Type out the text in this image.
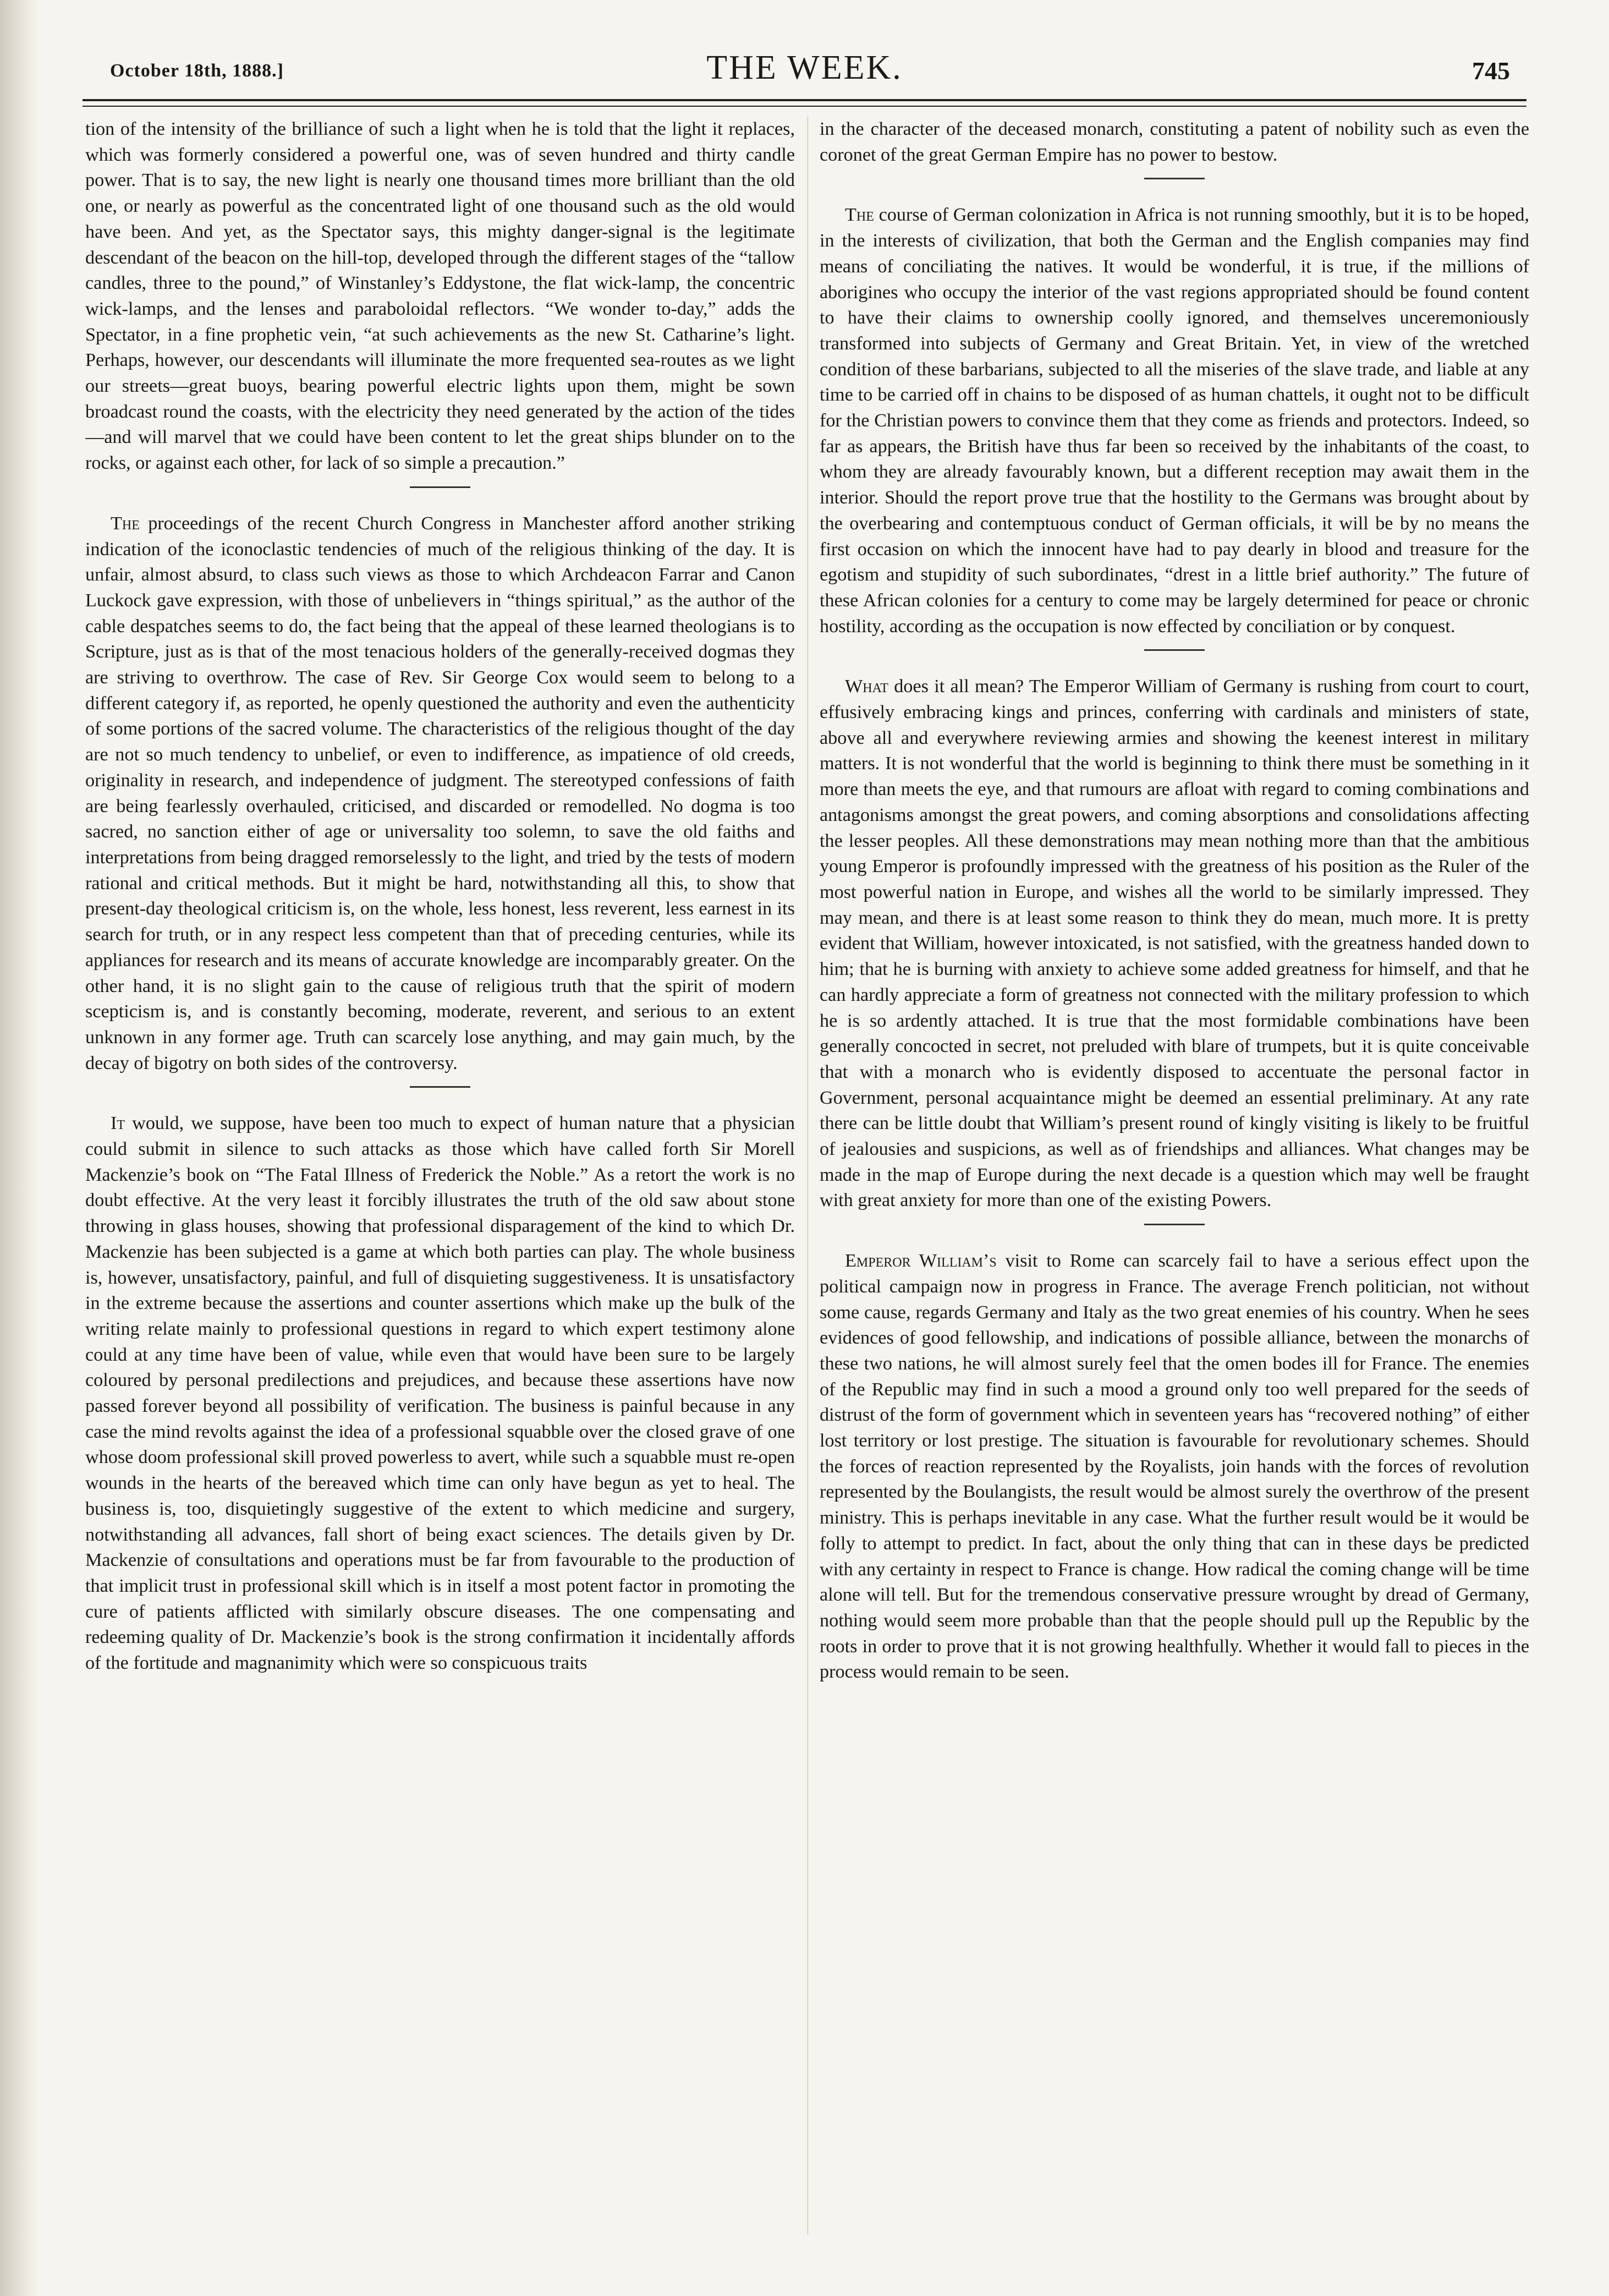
October 18th, 1888.]	THE WEEK.	745

tion of the intensity of the brilliance of such a light when he is told that the light it replaces, which was formerly considered a powerful one, was of seven hundred and thirty candle power. That is to say, the new light is nearly one thousand times more brilliant than the old one, or nearly as powerful as the concentrated light of one thousand such as the old would have been. And yet, as the Spectator says, this mighty danger-signal is the legitimate descendant of the beacon on the hill-top, developed through the different stages of the “tallow candles, three to the pound,” of Winstanley’s Eddystone, the flat wick-lamp, the concentric wick-lamps, and the lenses and paraboloidal reflectors. “We wonder to-day,” adds the Spectator, in a fine prophetic vein, “at such achievements as the new St. Catharine’s light. Perhaps, however, our descendants will illuminate the more frequented sea-routes as we light our streets—great buoys, bearing powerful electric lights upon them, might be sown broadcast round the coasts, with the electricity they need generated by the action of the tides —and will marvel that we could have been content to let the great ships blunder on to the rocks, or against each other, for lack of so simple a precaution.”

The proceedings of the recent Church Congress in Manchester afford another striking indication of the iconoclastic tendencies of much of the religious thinking of the day. It is unfair, almost absurd, to class such views as those to which Archdeacon Farrar and Canon Luckock gave expression, with those of unbelievers in “things spiritual,” as the author of the cable despatches seems to do, the fact being that the appeal of these learned theologians is to Scripture, just as is that of the most tenacious holders of the generally-received dogmas they are striving to overthrow. The case of Rev. Sir George Cox would seem to belong to a different category if, as reported, he openly questioned the authority and even the authenticity of some portions of the sacred volume. The characteristics of the religious thought of the day are not so much tendency to unbelief, or even to indifference, as impatience of old creeds, originality in research, and independence of judgment. The stereotyped confessions of faith are being fearlessly overhauled, criticised, and discarded or remodelled. No dogma is too sacred, no sanction either of age or universality too solemn, to save the old faiths and interpretations from being dragged remorselessly to the light, and tried by the tests of modern rational and critical methods. But it might be hard, notwithstanding all this, to show that present-day theological criticism is, on the whole, less honest, less reverent, less earnest in its search for truth, or in any respect less competent than that of preceding centuries, while its appliances for research and its means of accurate knowledge are incomparably greater. On the other hand, it is no slight gain to the cause of religious truth that the spirit of modern scepticism is, and is constantly becoming, moderate, reverent, and serious to an extent unknown in any former age. Truth can scarcely lose anything, and may gain much, by the decay of bigotry on both sides of the controversy.

It would, we suppose, have been too much to expect of human nature that a physician could submit in silence to such attacks as those which have called forth Sir Morell Mackenzie’s book on “The Fatal Illness of Frederick the Noble.” As a retort the work is no doubt effective. At the very least it forcibly illustrates the truth of the old saw about stone throwing in glass houses, showing that professional disparagement of the kind to which Dr. Mackenzie has been subjected is a game at which both parties can play. The whole business is, however, unsatisfactory, painful, and full of disquieting suggestiveness. It is unsatisfactory in the extreme because the assertions and counter assertions which make up the bulk of the writing relate mainly to professional questions in regard to which expert testimony alone could at any time have been of value, while even that would have been sure to be largely coloured by personal predilections and prejudices, and because these assertions have now passed forever beyond all possibility of verification. The business is painful because in any case the mind revolts against the idea of a professional squabble over the closed grave of one whose doom professional skill proved powerless to avert, while such a squabble must re-open wounds in the hearts of the bereaved which time can only have begun as yet to heal. The business is, too, disquietingly suggestive of the extent to which medicine and surgery, notwithstanding all advances, fall short of being exact sciences. The details given by Dr. Mackenzie of consultations and operations must be far from favourable to the production of that implicit trust in professional skill which is in itself a most potent factor in promoting the cure of patients afflicted with similarly obscure diseases. The one compensating and redeeming quality of Dr. Mackenzie’s book is the strong confirmation it incidentally affords of the fortitude and magnanimity which were so conspicuous traits

in the character of the deceased monarch, constituting a patent of nobility such as even the coronet of the great German Empire has no power to bestow.

The course of German colonization in Africa is not running smoothly, but it is to be hoped, in the interests of civilization, that both the German and the English companies may find means of conciliating the natives. It would be wonderful, it is true, if the millions of aborigines who occupy the interior of the vast regions appropriated should be found content to have their claims to ownership coolly ignored, and themselves unceremoniously transformed into subjects of Germany and Great Britain. Yet, in view of the wretched condition of these barbarians, subjected to all the miseries of the slave trade, and liable at any time to be carried off in chains to be disposed of as human chattels, it ought not to be difficult for the Christian powers to convince them that they come as friends and protectors. Indeed, so far as appears, the British have thus far been so received by the inhabitants of the coast, to whom they are already favourably known, but a different reception may await them in the interior. Should the report prove true that the hostility to the Germans was brought about by the overbearing and contemptuous conduct of German officials, it will be by no means the first occasion on which the innocent have had to pay dearly in blood and treasure for the egotism and stupidity of such subordinates, “drest in a little brief authority.” The future of these African colonies for a century to come may be largely determined for peace or chronic hostility, according as the occupation is now effected by conciliation or by conquest.

What does it all mean? The Emperor William of Germany is rushing from court to court, effusively embracing kings and princes, conferring with cardinals and ministers of state, above all and everywhere reviewing armies and showing the keenest interest in military matters. It is not wonderful that the world is beginning to think there must be something in it more than meets the eye, and that rumours are afloat with regard to coming combinations and antagonisms amongst the great powers, and coming absorptions and consolidations affecting the lesser peoples. All these demonstrations may mean nothing more than that the ambitious young Emperor is profoundly impressed with the greatness of his position as the Ruler of the most powerful nation in Europe, and wishes all the world to be similarly impressed. They may mean, and there is at least some reason to think they do mean, much more. It is pretty evident that William, however intoxicated, is not satisfied, with the greatness handed down to him; that he is burning with anxiety to achieve some added greatness for himself, and that he can hardly appreciate a form of greatness not connected with the military profession to which he is so ardently attached. It is true that the most formidable combinations have been generally concocted in secret, not preluded with blare of trumpets, but it is quite conceivable that with a monarch who is evidently disposed to accentuate the personal factor in Government, personal acquaintance might be deemed an essential preliminary. At any rate there can be little doubt that William’s present round of kingly visiting is likely to be fruitful of jealousies and suspicions, as well as of friendships and alliances. What changes may be made in the map of Europe during the next decade is a question which may well be fraught with great anxiety for more than one of the existing Powers.

Emperor William’s visit to Rome can scarcely fail to have a serious effect upon the political campaign now in progress in France. The average French politician, not without some cause, regards Germany and Italy as the two great enemies of his country. When he sees evidences of good fellowship, and indications of possible alliance, between the monarchs of these two nations, he will almost surely feel that the omen bodes ill for France. The enemies of the Republic may find in such a mood a ground only too well prepared for the seeds of distrust of the form of government which in seventeen years has “recovered nothing” of either lost territory or lost prestige. The situation is favourable for revolutionary schemes. Should the forces of reaction represented by the Royalists, join hands with the forces of revolution represented by the Boulangists, the result would be almost surely the overthrow of the present ministry. This is perhaps inevitable in any case. What the further result would be it would be folly to attempt to predict. In fact, about the only thing that can in these days be predicted with any certainty in respect to France is change. How radical the coming change will be time alone will tell. But for the tremendous conservative pressure wrought by dread of Germany, nothing would seem more probable than that the people should pull up the Republic by the roots in order to prove that it is not growing healthfully. Whether it would fall to pieces in the process would remain to be seen.
